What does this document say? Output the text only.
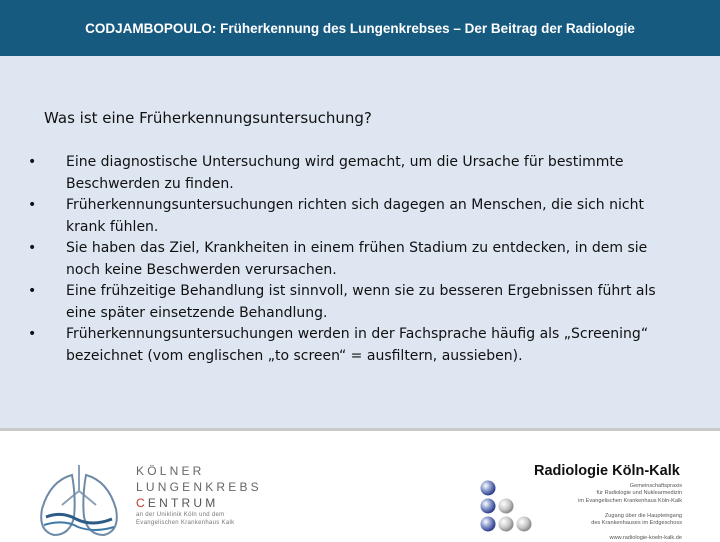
CODJAMBOPOULO: Früherkennung des Lungenkrebses – Der Beitrag der Radiologie
Was ist eine Früherkennungsuntersuchung?
•	Eine diagnostische Untersuchung wird gemacht, um die Ursache für bestimmte
Beschwerden zu finden.
•	Früherkennungsuntersuchungen richten sich dagegen an Menschen, die sich nicht
krank fühlen.
•	Sie haben das Ziel, Krankheiten in einem frühen Stadium zu entdecken, in dem sie
noch keine Beschwerden verursachen.
•	Eine frühzeitige Behandlung ist sinnvoll, wenn sie zu besseren Ergebnissen führt als
eine später einsetzende Behandlung.
•	Früherkennungsuntersuchungen werden in der Fachsprache häufig als „Screening“
bezeichnet (vom englischen „to screen“ = ausfiltern, aussieben).
KÖLNER
LUNGENKREBS
CENTRUM
an der Uniklinik Köln und dem
Evangelischen Krankenhaus Kalk
Radiologie Köln-Kalk
Gemeinschaftspraxis
für Radiologie und Nuklearmedizin
im Evangelischen Krankenhaus Köln-Kalk

Zugang über die Haupteingang
des Krankenhauses im Erdgeschoss

www.radiologie-koeln-kalk.de
